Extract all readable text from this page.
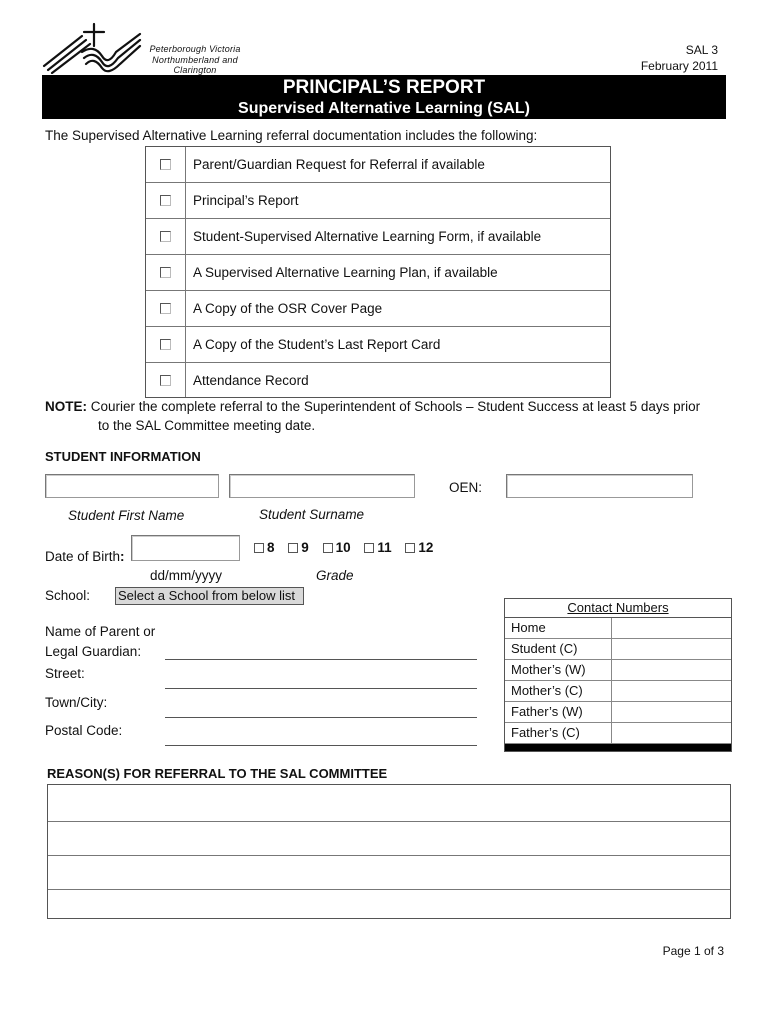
Peterborough Victoria
Northumberland and Clarington
SAL 3
February 2011
PRINCIPAL’S REPORT
Supervised Alternative Learning (SAL)
The Supervised Alternative Learning referral documentation includes the following:
Parent/Guardian Request for Referral if available
Principal’s Report
Student-Supervised Alternative Learning Form, if available
A Supervised Alternative Learning Plan, if available
A Copy of the OSR Cover Page
A Copy of the Student’s Last Report Card
Attendance Record
NOTE: Courier the complete referral to the Superintendent of Schools – Student Success at least 5 days prior
to the SAL Committee meeting date.
STUDENT INFORMATION
OEN:
Student First Name	Student Surname
Date of Birth:
8 9 10 11 12
dd/mm/yyyy	Grade
School: Select a School from below list
Name of Parent or
Legal Guardian:
Street:
Town/City:
Postal Code:
Contact Numbers
Home
Student (C)
Mother’s (W)
Mother’s (C)
Father’s (W)
Father’s (C)
REASON(S) FOR REFERRAL TO THE SAL COMMITTEE
Page 1 of 3
